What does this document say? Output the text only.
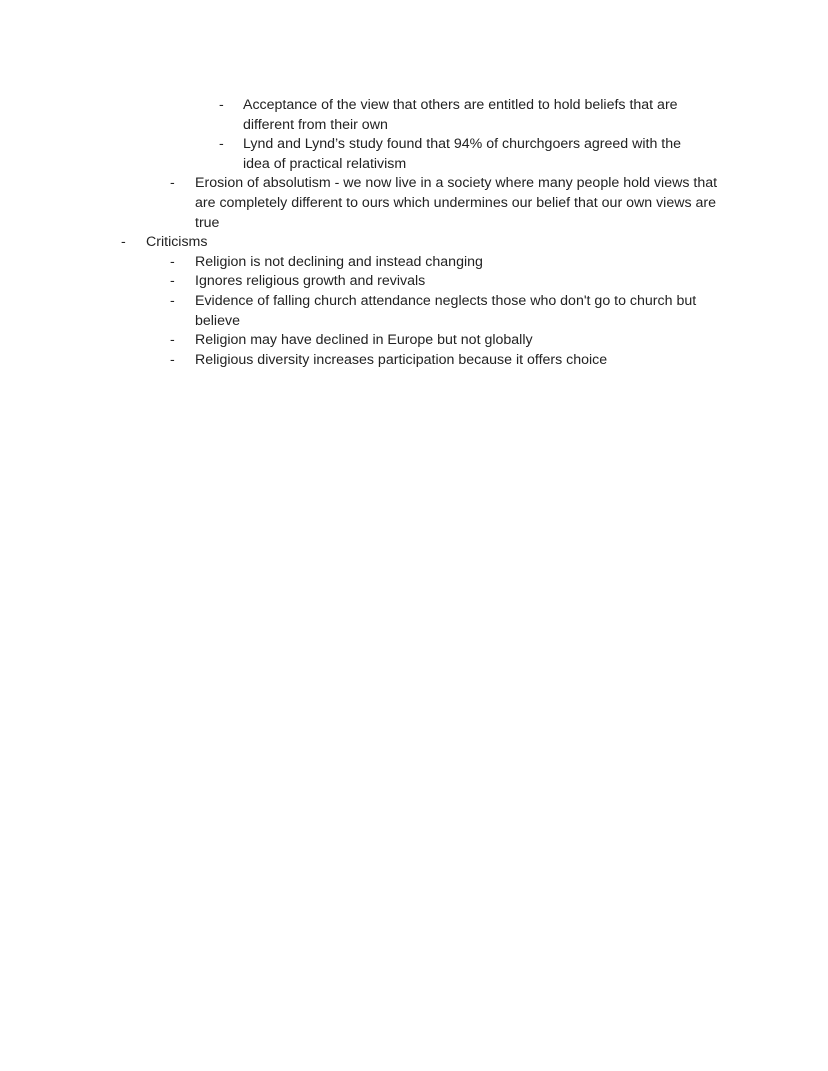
-	Acceptance of the view that others are entitled to hold beliefs that are different from their own
-	Lynd and Lynd’s study found that 94% of churchgoers agreed with the idea of practical relativism
-	Erosion of absolutism - we now live in a society where many people hold views that are completely different to ours which undermines our belief that our own views are true
-	Criticisms
-	Religion is not declining and instead changing
-	Ignores religious growth and revivals
-	Evidence of falling church attendance neglects those who don't go to church but believe
-	Religion may have declined in Europe but not globally
-	Religious diversity increases participation because it offers choice
